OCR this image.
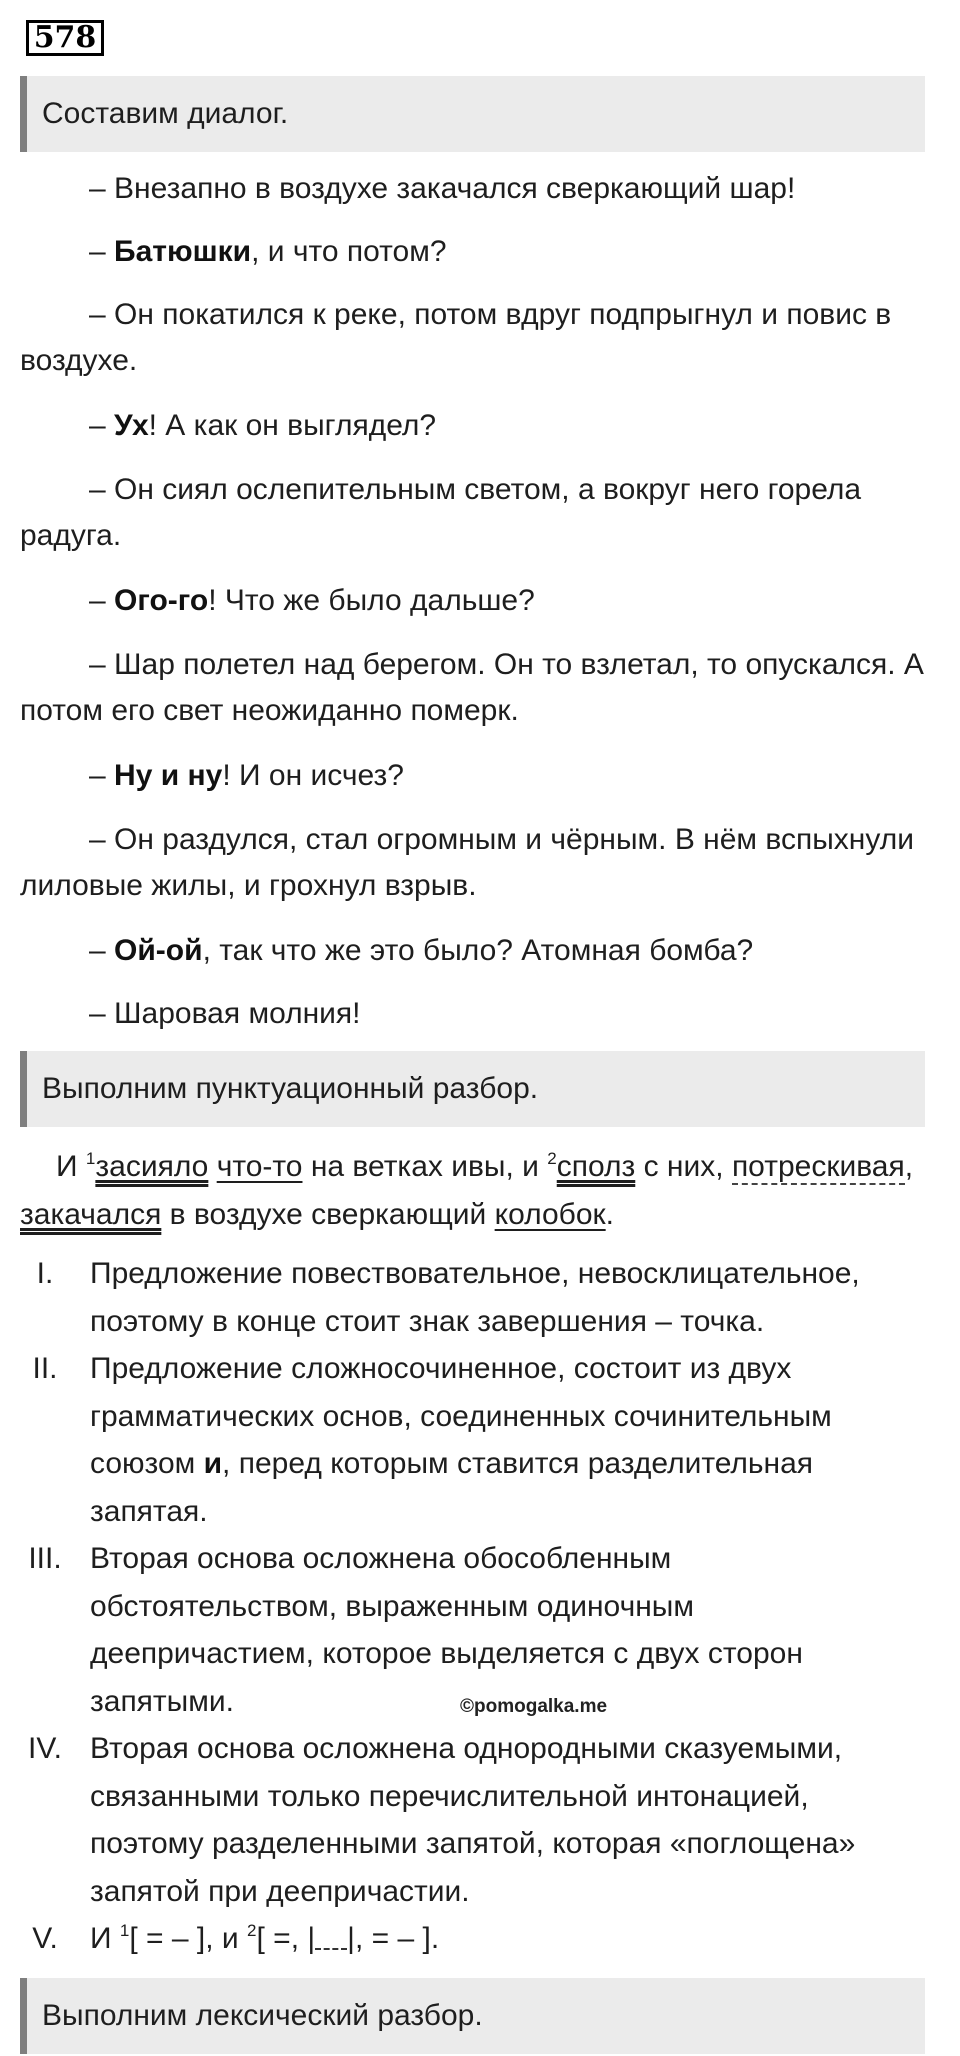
578
Составим диалог.

– Внезапно в воздухе закачался сверкающий шар!

– Батюшки, и что потом?

– Он покатился к реке, потом вдруг подпрыгнул и повис в воздухе.

– Ух! А как он выглядел?

– Он сиял ослепительным светом, а вокруг него горела радуга.

– Ого-го! Что же было дальше?

– Шар полетел над берегом. Он то взлетал, то опускался. А потом его свет неожиданно померк.

– Ну и ну! И он исчез?

– Он раздулся, стал огромным и чёрным. В нём вспыхнули лиловые жилы, и грохнул взрыв.

– Ой-ой, так что же это было? Атомная бомба?

– Шаровая молния!

Выполним пунктуационный разбор.

И $^1$засияло что-то на ветках ивы, и $^2$сполз с них, потрескивая, закачался в воздухе сверкающий колобок.

I.	Предложение повествовательное, невосклицательное, поэтому в конце стоит знак завершения – точка.
II.	Предложение сложносочиненное, состоит из двух грамматических основ, соединенных сочинительным союзом и, перед которым ставится разделительная запятая.
III. Вторая основа осложнена обособленным обстоятельством, выраженным одиночным деепричастием, которое выделяется с двух сторон запятыми.
IV. Вторая основа осложнена однородными сказуемыми, связанными только перечислительной интонацией, поэтому разделенными запятой, которая «поглощена» запятой при деепричастии.
V.	И $^1$[ = – ], и $^2$[ =, | |, = – ].
©pomogalka.me
Выполним лексический разбор.
